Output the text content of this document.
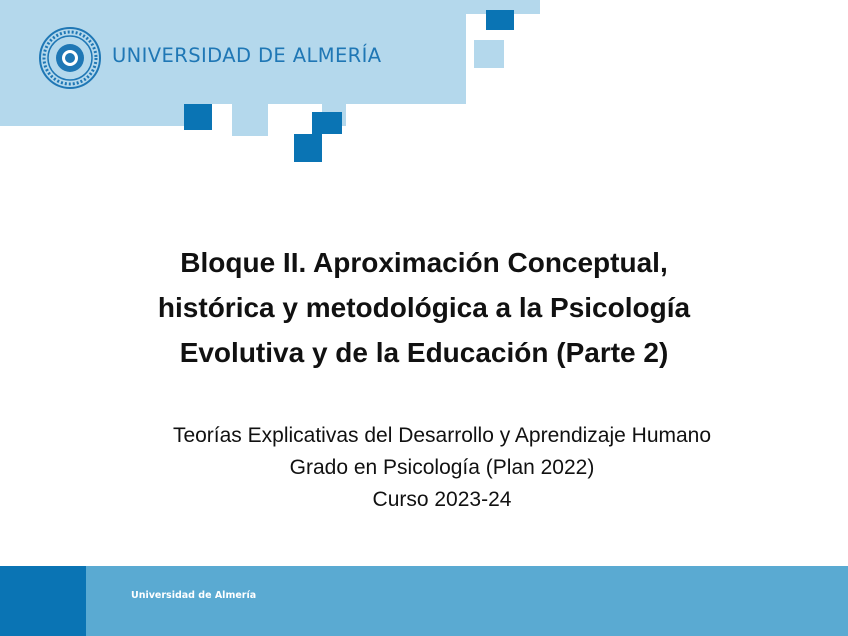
UNIVERSIDAD DE ALMERÍA
Bloque II. Aproximación Conceptual,
histórica y metodológica a la Psicología
Evolutiva y de la Educación (Parte 2)
Teorías Explicativas del Desarrollo y Aprendizaje Humano
Grado en Psicología (Plan 2022)
Curso 2023-24
Universidad de Almería
